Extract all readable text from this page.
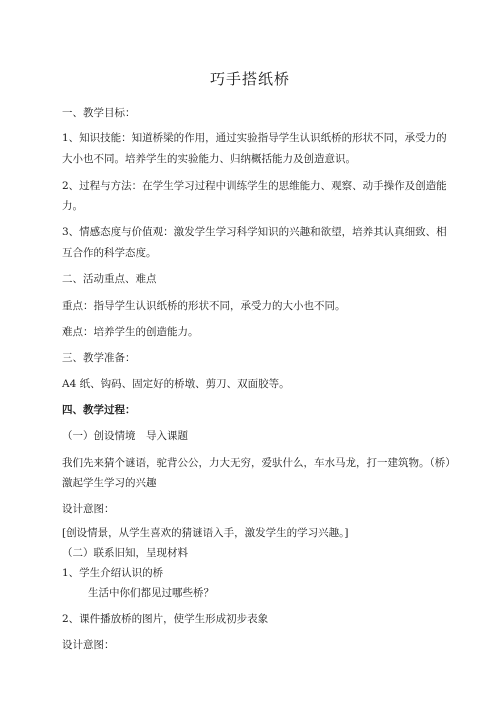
巧手搭纸桥
一、教学目标：
1、知识技能：知道桥梁的作用，通过实验指导学生认识纸桥的形状不同，承受力的
大小也不同。培养学生的实验能力、归纳概括能力及创造意识。
2、过程与方法：在学生学习过程中训练学生的思维能力、观察、动手操作及创造能
力。
3、情感态度与价值观：激发学生学习科学知识的兴趣和欲望，培养其认真细致、相
互合作的科学态度。
二、活动重点、难点
重点：指导学生认识纸桥的形状不同，承受力的大小也不同。
难点：培养学生的创造能力。
三、教学准备：
A4 纸、钩码、固定好的桥墩、剪刀、双面胶等。
四、教学过程：
（一）创设情境　导入课题
我们先来猜个谜语，驼背公公，力大无穷，爱驮什么，车水马龙，打一建筑物。（桥）
激起学生学习的兴趣
设计意图：
[创设情景，从学生喜欢的猜谜语入手，激发学生的学习兴趣。]
（二）联系旧知，呈现材料
1、学生介绍认识的桥
生活中你们都见过哪些桥？
2、课件播放桥的图片，使学生形成初步表象
设计意图：
